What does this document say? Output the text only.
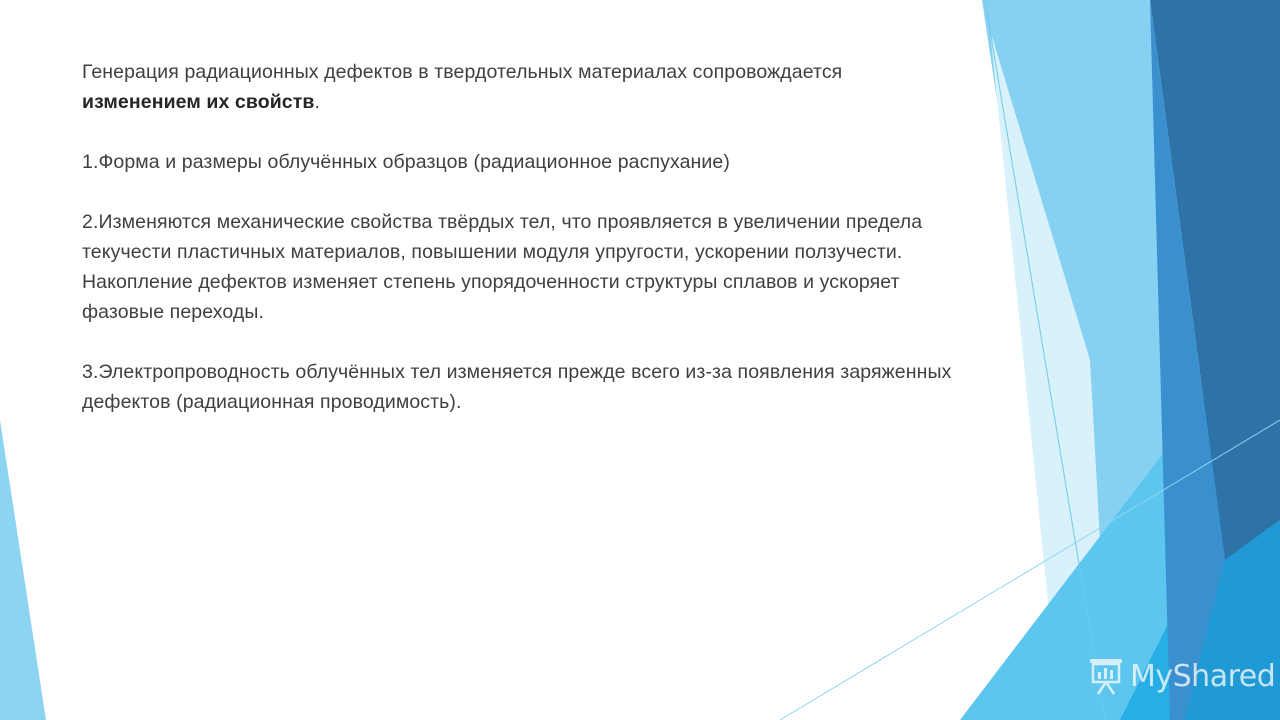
Генерация радиационных дефектов в твердотельных материалах сопровождается изменением их свойств.

1.Форма и размеры облучённых образцов (радиационное распухание)

2.Изменяются механические свойства твёрдых тел, что проявляется в увеличении предела текучести пластичных материалов, повышении модуля упругости, ускорении ползучести. Накопление дефектов изменяет степень упорядоченности структуры сплавов и ускоряет фазовые переходы.

3.Электропроводность облучённых тел изменяется прежде всего из-за появления заряженных дефектов (радиационная проводимость).

MyShared
